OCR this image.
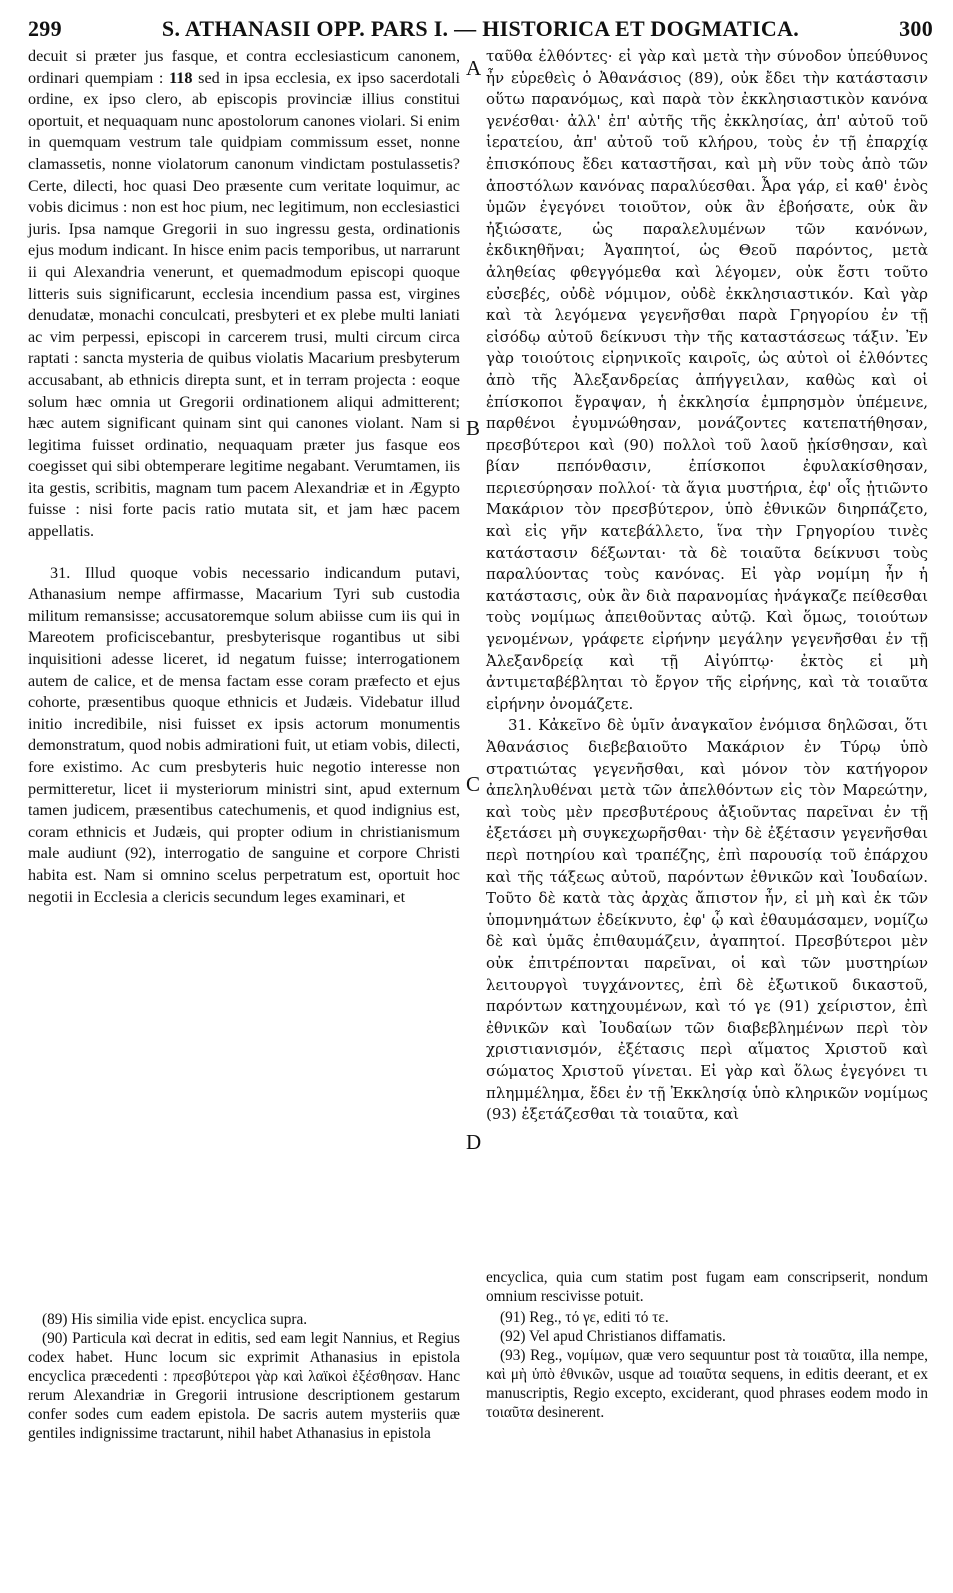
299	S. ATHANASII OPP. PARS I. — HISTORICA ET DOGMATICA.	300

decuit si præter jus fasque, et contra ecclesiasticum canonem, ordinari quempiam : 118 sed in ipsa ecclesia, ex ipso sacerdotali ordine, ex ipso clero, ab episcopis provinciæ illius constitui oportuit, et nequaquam nunc apostolorum canones violari. Si enim in quemquam vestrum tale quidpiam commissum esset, nonne clamassetis, nonne violatorum canonum vindictam postulassetis? Certe, dilecti, hoc quasi Deo præsente cum veritate loquimur, ac vobis dicimus : non est hoc pium, nec legitimum, non ecclesiastici juris. Ipsa namque Gregorii in suo ingressu gesta, ordinationis ejus modum indicant. In hisce enim pacis temporibus, ut narrarunt ii qui Alexandria venerunt, et quemadmodum episcopi quoque litteris suis significarunt, ecclesia incendium passa est, virgines denudatæ, monachi conculcati, presbyteri et ex plebe multi laniati ac vim perpessi, episcopi in carcerem trusi, multi circum circa raptati : sancta mysteria de quibus violatis Macarium presbyterum accusabant, ab ethnicis direpta sunt, et in terram projecta : eoque solum hæc omnia ut Gregorii ordinationem aliqui admitterent; hæc autem significant quinam sint qui canones violant. Nam si legitima fuisset ordinatio, nequaquam præter jus fasque eos coegisset qui sibi obtemperare legitime negabant. Verumtamen, iis ita gestis, scribitis, magnam tum pacem Alexandriæ et in Ægypto fuisse : nisi forte pacis ratio mutata sit, et jam hæc pacem appellatis.

31. Illud quoque vobis necessario indicandum putavi, Athanasium nempe affirmasse, Macarium Tyri sub custodia militum remansisse; accusatoremque solum abiisse cum iis qui in Mareotem proficiscebantur, presbyterisque rogantibus ut sibi inquisitioni adesse liceret, id negatum fuisse; interrogationem autem de calice, et de mensa factam esse coram præfecto et ejus cohorte, præsentibus quoque ethnicis et Judæis. Videbatur illud initio incredibile, nisi fuisset ex ipsis actorum monumentis demonstratum, quod nobis admirationi fuit, ut etiam vobis, dilecti, fore existimo. Ac cum presbyteris huic negotio interesse non permitteretur, licet ii mysteriorum ministri sint, apud externum tamen judicem, præsentibus catechumenis, et quod indignius est, coram ethnicis et Judæis, qui propter odium in christianismum male audiunt (92), interrogatio de sanguine et corpore Christi habita est. Nam si omnino scelus perpetratum est, oportuit hoc negotii in Ecclesia a clericis secundum leges examinari, et

(89) His similia vide epist. encyclica supra.

(90) Particula καὶ decrat in editis, sed eam legit Nannius, et Regius codex habet. Hunc locum sic exprimit Athanasius in epistola encyclica præcedenti : πρεσβύτεροι γὰρ καὶ λαϊκοὶ ἐξέσθησαν. Hanc rerum Alexandriæ in Gregorii intrusione descriptionem gestarum confer sodes cum eadem epistola. De sacris autem mysteriis quæ gentiles indignissime tractarunt, nihil habet Athanasius in epistola

A
B
C
D

ταῦθα ἐλθόντες· εἰ γὰρ καὶ μετὰ τὴν σύνοδον ὑπεύθυνος ἦν εὑρεθεὶς ὁ Ἀθανάσιος (89), οὐκ ἔδει τὴν κατάστασιν οὕτω παρανόμως, καὶ παρὰ τὸν ἐκκλησιαστικὸν κανόνα γενέσθαι· ἀλλ' ἐπ' αὐτῆς τῆς ἐκκλησίας, ἀπ' αὐτοῦ τοῦ ἱερατείου, ἀπ' αὐτοῦ τοῦ κλήρου, τοὺς ἐν τῇ ἐπαρχίᾳ ἐπισκόπους ἔδει καταστῆσαι, καὶ μὴ νῦν τοὺς ἀπὸ τῶν ἀποστόλων κανόνας παραλύεσθαι. Ἆρα γάρ, εἰ καθ' ἑνὸς ὑμῶν ἐγεγόνει τοιοῦτον, οὐκ ἂν ἐβοήσατε, οὐκ ἂν ἠξιώσατε, ὡς παραλελυμένων τῶν κανόνων, ἐκδικηθῆναι; Ἀγαπητοί, ὡς Θεοῦ παρόντος, μετὰ ἀληθείας φθεγγόμεθα καὶ λέγομεν, οὐκ ἔστι τοῦτο εὐσεβές, οὐδὲ νόμιμον, οὐδὲ ἐκκλησιαστικόν. Καὶ γὰρ καὶ τὰ λεγόμενα γεγενῆσθαι παρὰ Γρηγορίου ἐν τῇ εἰσόδῳ αὐτοῦ δείκνυσι τὴν τῆς καταστάσεως τάξιν. Ἐν γὰρ τοιούτοις εἰρηνικοῖς καιροῖς, ὡς αὐτοὶ οἱ ἐλθόντες ἀπὸ τῆς Ἀλεξανδρείας ἀπήγγειλαν, καθὼς καὶ οἱ ἐπίσκοποι ἔγραψαν, ἡ ἐκκλησία ἐμπρησμὸν ὑπέμεινε, παρθένοι ἐγυμνώθησαν, μονάζοντες κατεπατήθησαν, πρεσβύτεροι καὶ (90) πολλοὶ τοῦ λαοῦ ᾐκίσθησαν, καὶ βίαν πεπόνθασιν, ἐπίσκοποι ἐφυλακίσθησαν, περιεσύρησαν πολλοί· τὰ ἅγια μυστήρια, ἐφ' οἷς ᾐτιῶντο Μακάριον τὸν πρεσβύτερον, ὑπὸ ἐθνικῶν διηρπάζετο, καὶ εἰς γῆν κατεβάλλετο, ἵνα τὴν Γρηγορίου τινὲς κατάστασιν δέξωνται· τὰ δὲ τοιαῦτα δείκνυσι τοὺς παραλύοντας τοὺς κανόνας. Εἰ γὰρ νομίμη ἦν ἡ κατάστασις, οὐκ ἂν διὰ παρανομίας ἠνάγκαζε πείθεσθαι τοὺς νομίμως ἀπειθοῦντας αὐτῷ. Καὶ ὅμως, τοιούτων γενομένων, γράφετε εἰρήνην μεγάλην γεγενῆσθαι ἐν τῇ Ἀλεξανδρείᾳ καὶ τῇ Αἰγύπτῳ· ἐκτὸς εἰ μὴ ἀντιμεταβέβληται τὸ ἔργον τῆς εἰρήνης, καὶ τὰ τοιαῦτα εἰρήνην ὀνομάζετε.

31. Κἀκεῖνο δὲ ὑμῖν ἀναγκαῖον ἐνόμισα δηλῶσαι, ὅτι Ἀθανάσιος διεβεβαιοῦτο Μακάριον ἐν Τύρῳ ὑπὸ στρατιώτας γεγενῆσθαι, καὶ μόνον τὸν κατήγορον ἀπεληλυθέναι μετὰ τῶν ἀπελθόντων εἰς τὸν Μαρεώτην, καὶ τοὺς μὲν πρεσβυτέρους ἀξιοῦντας παρεῖναι ἐν τῇ ἐξετάσει μὴ συγκεχωρῆσθαι· τὴν δὲ ἐξέτασιν γεγενῆσθαι περὶ ποτηρίου καὶ τραπέζης, ἐπὶ παρουσίᾳ τοῦ ἐπάρχου καὶ τῆς τάξεως αὐτοῦ, παρόντων ἐθνικῶν καὶ Ἰουδαίων. Τοῦτο δὲ κατὰ τὰς ἀρχὰς ἄπιστον ἦν, εἰ μὴ καὶ ἐκ τῶν ὑπομνημάτων ἐδείκνυτο, ἐφ' ᾧ καὶ ἐθαυμάσαμεν, νομίζω δὲ καὶ ὑμᾶς ἐπιθαυμάζειν, ἀγαπητοί. Πρεσβύτεροι μὲν οὐκ ἐπιτρέπονται παρεῖναι, οἱ καὶ τῶν μυστηρίων λειτουργοὶ τυγχάνοντες, ἐπὶ δὲ ἐξωτικοῦ δικαστοῦ, παρόντων κατηχουμένων, καὶ τό γε (91) χείριστον, ἐπὶ ἐθνικῶν καὶ Ἰουδαίων τῶν διαβεβλημένων περὶ τὸν χριστιανισμόν, ἐξέτασις περὶ αἵματος Χριστοῦ καὶ σώματος Χριστοῦ γίνεται. Εἰ γὰρ καὶ ὅλως ἐγεγόνει τι πλημμέλημα, ἔδει ἐν τῇ Ἐκκλησίᾳ ὑπὸ κληρικῶν νομίμως (93) ἐξετάζεσθαι τὰ τοιαῦτα, καὶ

encyclica, quia cum statim post fugam eam conscripserit, nondum omnium rescivisse potuit.

(91) Reg., τό γε, editi τό τε.

(92) Vel apud Christianos diffamatis.

(93) Reg., νομίμων, quæ vero sequuntur post τὰ τοιαῦτα, illa nempe, καὶ μὴ ὑπὸ ἐθνικῶν, usque ad τοιαῦτα sequens, in editis deerant, et ex manuscriptis, Regio excepto, exciderant, quod phrases eodem modo in τοιαῦτα desinerent.
